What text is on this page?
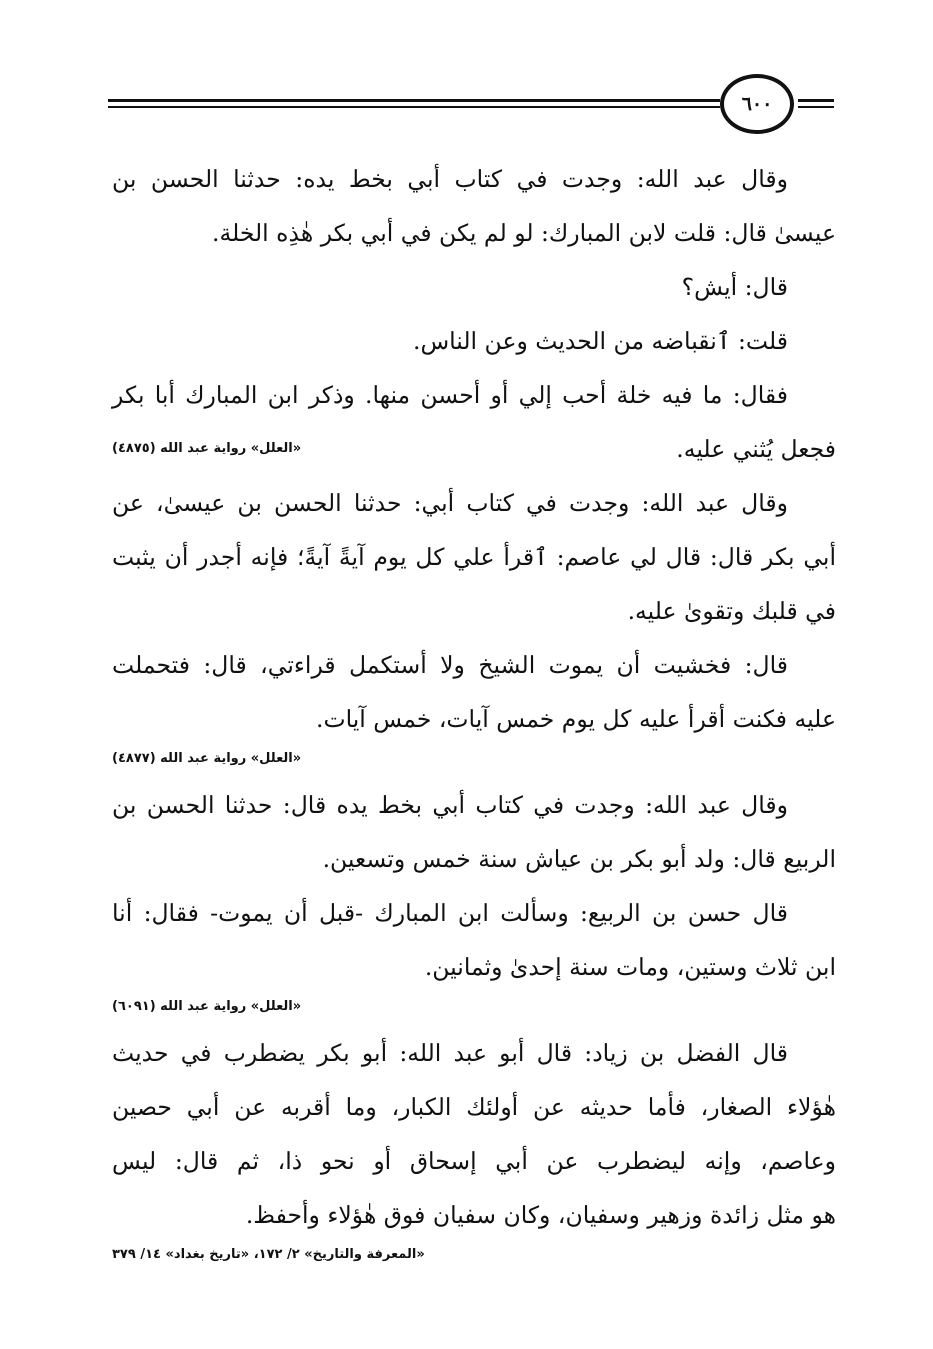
٦٠٠
وقال عبد الله: وجدت في كتاب أبي بخط يده: حدثنا الحسن بن
عيسىٰ قال: قلت لابن المبارك: لو لم يكن في أبي بكر هٰذِه الخلة.
قال: أيش؟
قلت: ٱنقباضه من الحديث وعن الناس.
فقال: ما فيه خلة أحب إلي أو أحسن منها. وذكر ابن المبارك أبا بكر
فجعل يُثني عليه.
«العلل» رواية عبد الله (٤٨٧٥)
وقال عبد الله: وجدت في كتاب أبي: حدثنا الحسن بن عيسىٰ، عن
أبي بكر قال: قال لي عاصم: ٱقرأ علي كل يوم آيةً آيةً؛ فإنه أجدر أن يثبت
في قلبك وتقوىٰ عليه.
قال: فخشيت أن يموت الشيخ ولا أستكمل قراءتي، قال: فتحملت
عليه فكنت أقرأ عليه كل يوم خمس آيات، خمس آيات.
«العلل» رواية عبد الله (٤٨٧٧)
وقال عبد الله: وجدت في كتاب أبي بخط يده قال: حدثنا الحسن بن
الربيع قال: ولد أبو بكر بن عياش سنة خمس وتسعين.
قال حسن بن الربيع: وسألت ابن المبارك -قبل أن يموت- فقال: أنا
ابن ثلاث وستين، ومات سنة إحدىٰ وثمانين.
«العلل» رواية عبد الله (٦٠٩١)
قال الفضل بن زياد: قال أبو عبد الله: أبو بكر يضطرب في حديث
هٰؤلاء الصغار، فأما حديثه عن أولئك الكبار، وما أقربه عن أبي حصين
وعاصم، وإنه ليضطرب عن أبي إسحاق أو نحو ذا، ثم قال: ليس
هو مثل زائدة وزهير وسفيان، وكان سفيان فوق هٰؤلاء وأحفظ.
«المعرفة والتاريخ» ٢/ ١٧٢، «تاريخ بغداد» ١٤/ ٣٧٩
